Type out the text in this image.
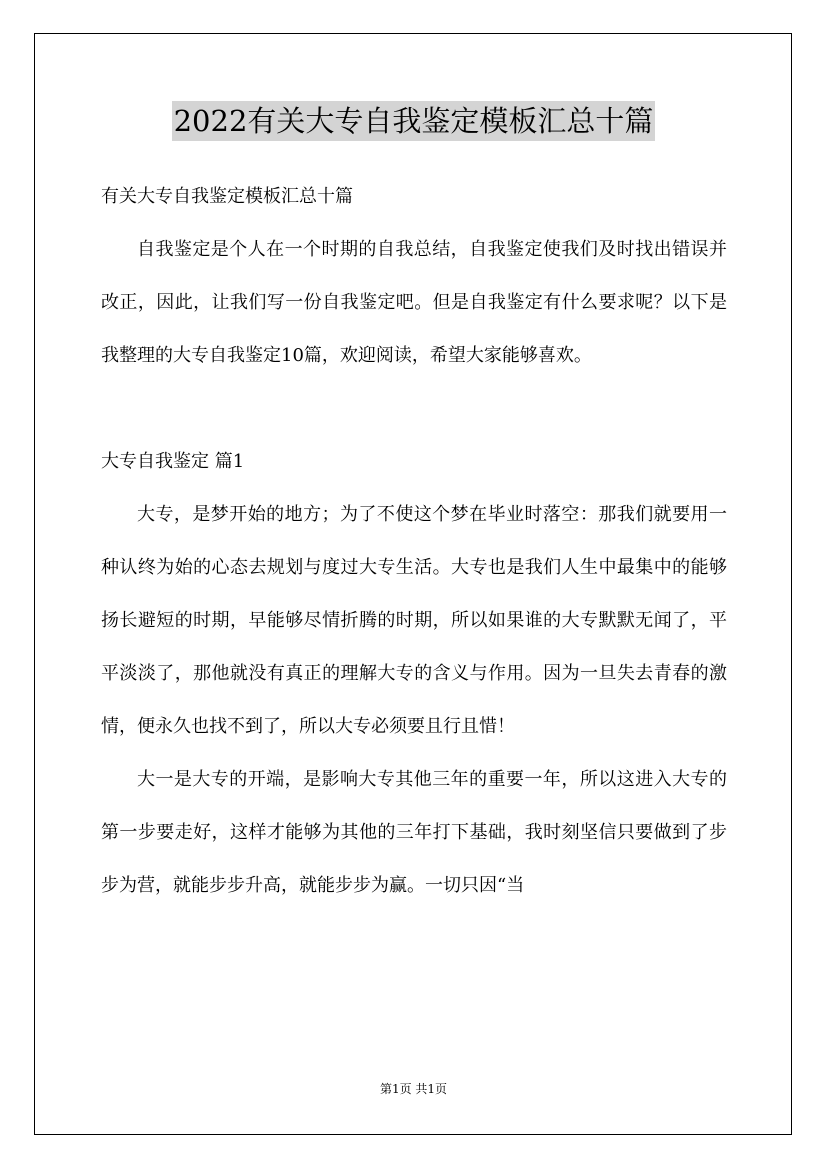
2022有关大专自我鉴定模板汇总十篇

有关大专自我鉴定模板汇总十篇

自我鉴定是个人在一个时期的自我总结，自我鉴定使我们及时找出错误并改正，因此，让我们写一份自我鉴定吧。但是自我鉴定有什么要求呢？以下是我整理的大专自我鉴定10篇，欢迎阅读，希望大家能够喜欢。

大专自我鉴定 篇1

大专，是梦开始的地方；为了不使这个梦在毕业时落空：那我们就要用一种认终为始的心态去规划与度过大专生活。大专也是我们人生中最集中的能够扬长避短的时期，早能够尽情折腾的时期，所以如果谁的大专默默无闻了，平平淡淡了，那他就没有真正的理解大专的含义与作用。因为一旦失去青春的激情，便永久也找不到了，所以大专必须要且行且惜！

大一是大专的开端，是影响大专其他三年的重要一年，所以这进入大专的第一步要走好，这样才能够为其他的三年打下基础，我时刻坚信只要做到了步步为营，就能步步升高，就能步步为赢。一切只因“当

第1页 共1页
